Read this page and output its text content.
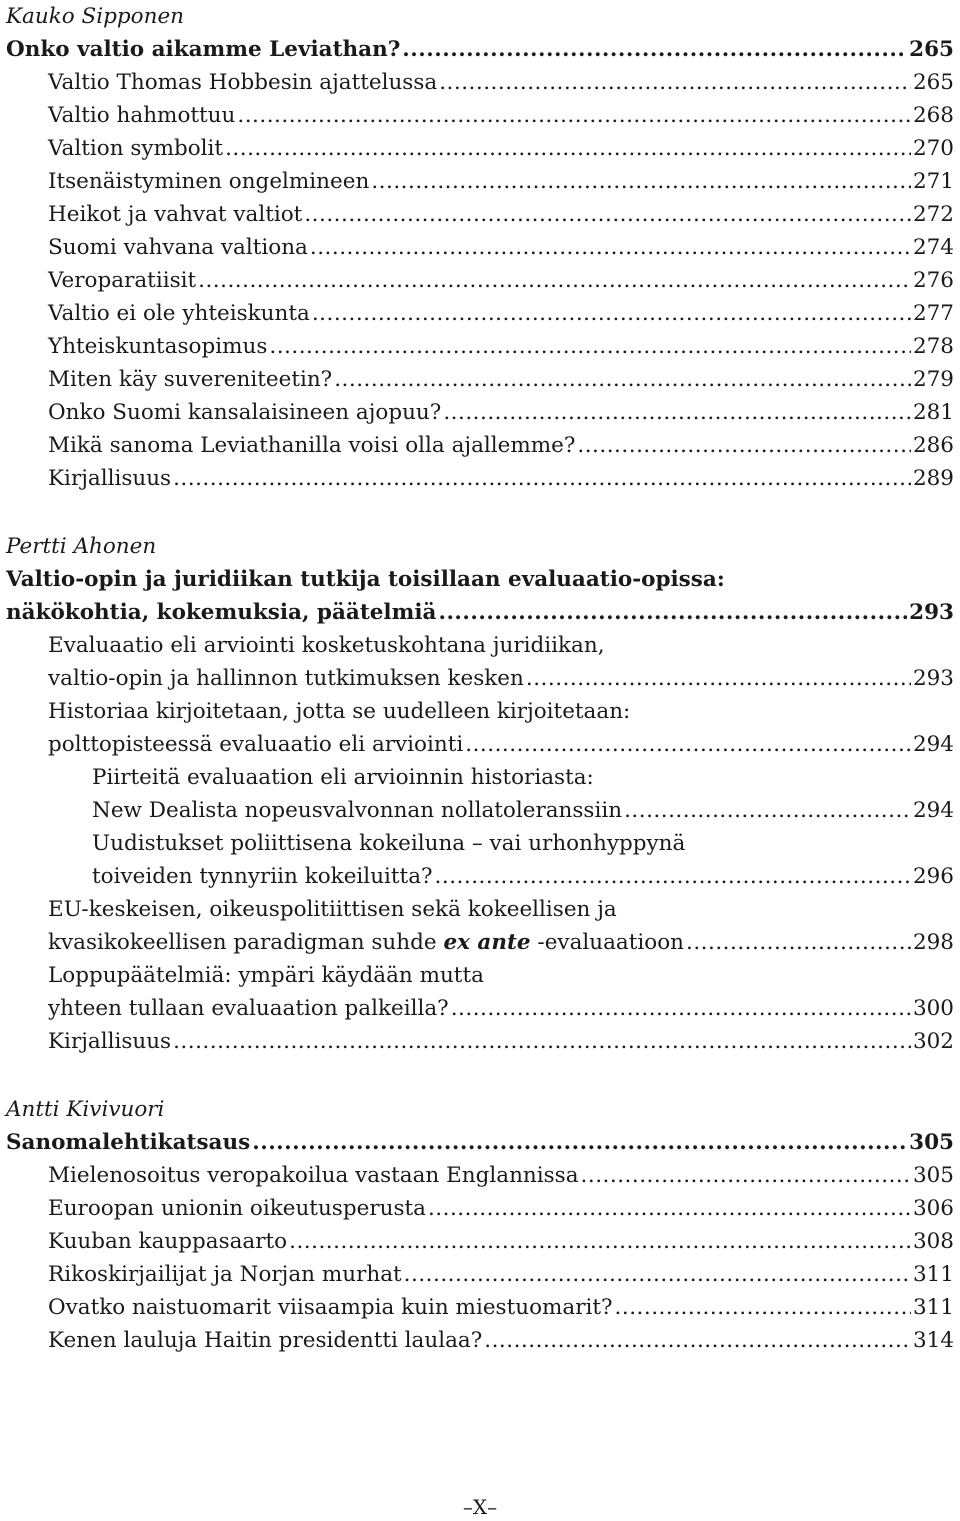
Kauko Sipponen
Onko valtio aikamme Leviathan? .....	265
Valtio Thomas Hobbesin ajattelussa .....	265
Valtio hahmottuu .....	268
Valtion symbolit .....	270
Itsenäistyminen ongelmineen .....	271
Heikot ja vahvat valtiot .....	272
Suomi vahvana valtiona .....	274
Veroparatiisit .....	276
Valtio ei ole yhteiskunta .....	277
Yhteiskuntasopimus .....	278
Miten käy suvereniteetin? .....	279
Onko Suomi kansalaisineen ajopuu? .....	281
Mikä sanoma Leviathanilla voisi olla ajallemme? .....	286
Kirjallisuus .....	289
Pertti Ahonen
Valtio-opin ja juridiikan tutkija toisillaan evaluaatio-opissa:
näkökohtia, kokemuksia, päätelmiä .....	293
Evaluaatio eli arviointi kosketuskohtana juridiikan,
valtio-opin ja hallinnon tutkimuksen kesken .....	293
Historiaa kirjoitetaan, jotta se uudelleen kirjoitetaan:
polttopisteessä evaluaatio eli arviointi .....	294
Piirteitä evaluaation eli arvioinnin historiasta:
New Dealista nopeusvalvonnan nollatoleranssiin .....	294
Uudistukset poliittisena kokeiluna – vai urhonhyppynä
toiveiden tynnyriin kokeiluitta? .....	296
EU-keskeisen, oikeuspolitiittisen sekä kokeellisen ja
kvasikokeellisen paradigman suhde ex ante -evaluaatioon .....	298
Loppupäätelmiä: ympäri käydään mutta
yhteen tullaan evaluaation palkeilla? .....	300
Kirjallisuus .....	302
Antti Kivivuori
Sanomalehtikatsaus .....	305
Mielenosoitus veropakoilua vastaan Englannissa .....	305
Euroopan unionin oikeutusperusta .....	306
Kuuban kauppasaarto .....	308
Rikoskirjailijat ja Norjan murhat .....	311
Ovatko naistuomarit viisaampia kuin miestuomarit? .....	311
Kenen lauluja Haitin presidentti laulaa? .....	314
–X–
